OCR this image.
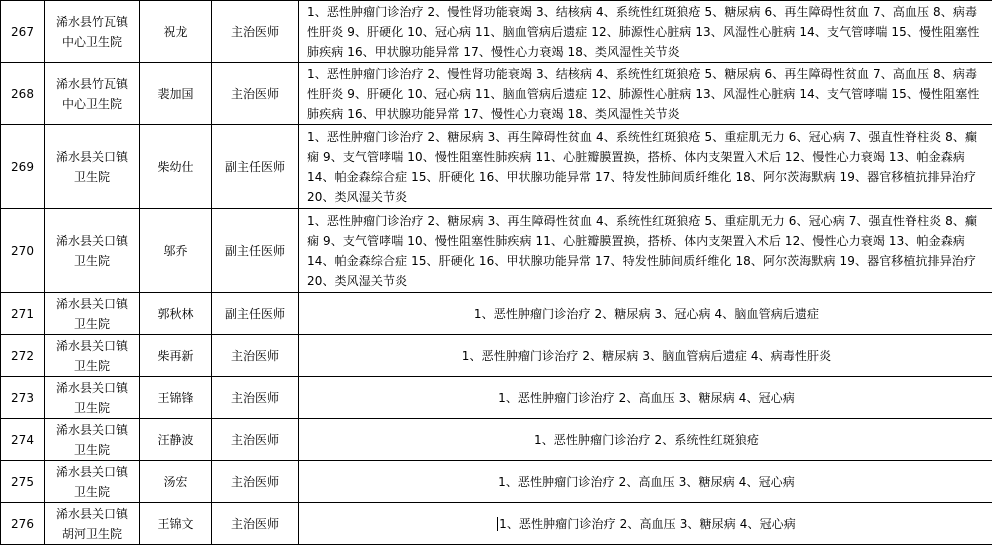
267	浠水县竹瓦镇中心卫生院	祝龙	主治医师	1、恶性肿瘤门诊治疗 2、慢性肾功能衰竭 3、结核病 4、系统性红斑狼疮 5、糖尿病 6、再生障碍性贫血 7、高血压 8、病毒性肝炎 9、肝硬化 10、冠心病 11、脑血管病后遗症 12、肺源性心脏病 13、风湿性心脏病 14、支气管哮喘 15、慢性阻塞性肺疾病 16、甲状腺功能异常 17、慢性心力衰竭 18、类风湿性关节炎
268	浠水县竹瓦镇中心卫生院	裴加国	主治医师	1、恶性肿瘤门诊治疗 2、慢性肾功能衰竭 3、结核病 4、系统性红斑狼疮 5、糖尿病 6、再生障碍性贫血 7、高血压 8、病毒性肝炎 9、肝硬化 10、冠心病 11、脑血管病后遗症 12、肺源性心脏病 13、风湿性心脏病 14、支气管哮喘 15、慢性阻塞性肺疾病 16、甲状腺功能异常 17、慢性心力衰竭 18、类风湿性关节炎
269	浠水县关口镇卫生院	柴幼仕	副主任医师	1、恶性肿瘤门诊治疗 2、糖尿病 3、再生障碍性贫血 4、系统性红斑狼疮 5、重症肌无力 6、冠心病 7、强直性脊柱炎 8、癫痫 9、支气管哮喘 10、慢性阻塞性肺疾病 11、心脏瓣膜置换，搭桥、体内支架置入术后 12、慢性心力衰竭 13、帕金森病 14、帕金森综合症 15、肝硬化 16、甲状腺功能异常 17、特发性肺间质纤维化 18、阿尔茨海默病 19、器官移植抗排异治疗 20、类风湿关节炎
270	浠水县关口镇卫生院	邬乔	副主任医师	1、恶性肿瘤门诊治疗 2、糖尿病 3、再生障碍性贫血 4、系统性红斑狼疮 5、重症肌无力 6、冠心病 7、强直性脊柱炎 8、癫痫 9、支气管哮喘 10、慢性阻塞性肺疾病 11、心脏瓣膜置换，搭桥、体内支架置入术后 12、慢性心力衰竭 13、帕金森病 14、帕金森综合症 15、肝硬化 16、甲状腺功能异常 17、特发性肺间质纤维化 18、阿尔茨海默病 19、器官移植抗排异治疗 20、类风湿关节炎
271	浠水县关口镇卫生院	郭秋林	副主任医师	1、恶性肿瘤门诊治疗 2、糖尿病 3、冠心病 4、脑血管病后遗症
272	浠水县关口镇卫生院	柴再新	主治医师	1、恶性肿瘤门诊治疗 2、糖尿病 3、脑血管病后遗症 4、病毒性肝炎
273	浠水县关口镇卫生院	王锦锋	主治医师	1、恶性肿瘤门诊治疗 2、高血压 3、糖尿病 4、冠心病
274	浠水县关口镇卫生院	汪静波	主治医师	1、恶性肿瘤门诊治疗 2、系统性红斑狼疮
275	浠水县关口镇卫生院	汤宏	主治医师	1、恶性肿瘤门诊治疗 2、高血压 3、糖尿病 4、冠心病
276	浠水县关口镇胡河卫生院	王锦文	主治医师	1、恶性肿瘤门诊治疗 2、高血压 3、糖尿病 4、冠心病
